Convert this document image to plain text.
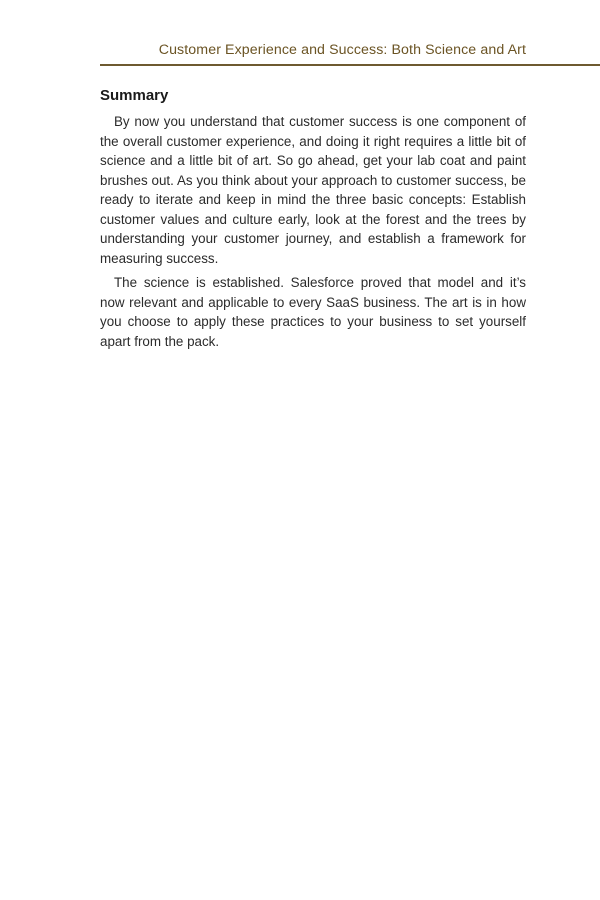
Customer Experience and Success: Both Science and Art
Summary

By now you understand that customer success is one component of the overall customer experience, and doing it right requires a little bit of science and a little bit of art. So go ahead, get your lab coat and paint brushes out. As you think about your approach to customer success, be ready to iterate and keep in mind the three basic concepts: Establish customer values and culture early, look at the forest and the trees by understanding your customer journey, and establish a framework for measuring success.

The science is established. Salesforce proved that model and it’s now relevant and applicable to every SaaS business. The art is in how you choose to apply these practices to your business to set yourself apart from the pack.
